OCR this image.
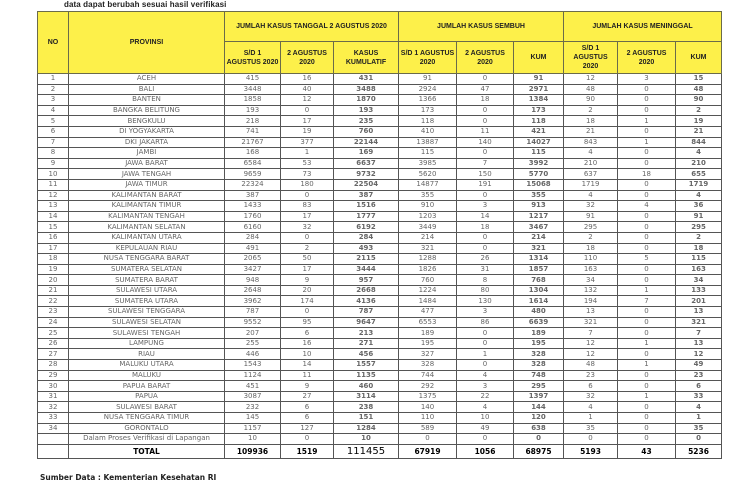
data dapat berubah sesuai hasil verifikasi
NO	PROVINSI	JUMLAH KASUS TANGGAL 2 AGUSTUS 2020			JUMLAH KASUS SEMBUH			JUMLAH KASUS MENINGGAL		
		S/D 1 AGUSTUS 2020	2 AGUSTUS 2020	KASUS KUMULATIF	S/D 1 AGUSTUS 2020	2 AGUSTUS 2020	KUM	S/D 1 AGUSTUS 2020	2 AGUSTUS 2020	KUM
1	ACEH	415	16	431	91	0	91	12	3	15
2	BALI	3448	40	3488	2924	47	2971	48	0	48
3	BANTEN	1858	12	1870	1366	18	1384	90	0	90
4	BANGKA BELITUNG	193	0	193	173	0	173	2	0	2
5	BENGKULU	218	17	235	118	0	118	18	1	19
6	DI YOGYAKARTA	741	19	760	410	11	421	21	0	21
7	DKI JAKARTA	21767	377	22144	13887	140	14027	843	1	844
8	JAMBI	168	1	169	115	0	115	4	0	4
9	JAWA BARAT	6584	53	6637	3985	7	3992	210	0	210
10	JAWA TENGAH	9659	73	9732	5620	150	5770	637	18	655
11	JAWA TIMUR	22324	180	22504	14877	191	15068	1719	0	1719
12	KALIMANTAN BARAT	387	0	387	355	0	355	4	0	4
13	KALIMANTAN TIMUR	1433	83	1516	910	3	913	32	4	36
14	KALIMANTAN TENGAH	1760	17	1777	1203	14	1217	91	0	91
15	KALIMANTAN SELATAN	6160	32	6192	3449	18	3467	295	0	295
16	KALIMANTAN UTARA	284	0	284	214	0	214	2	0	2
17	KEPULAUAN RIAU	491	2	493	321	0	321	18	0	18
18	NUSA TENGGARA BARAT	2065	50	2115	1288	26	1314	110	5	115
19	SUMATERA SELATAN	3427	17	3444	1826	31	1857	163	0	163
20	SUMATERA BARAT	948	9	957	760	8	768	34	0	34
21	SULAWESI UTARA	2648	20	2668	1224	80	1304	132	1	133
22	SUMATERA UTARA	3962	174	4136	1484	130	1614	194	7	201
23	SULAWESI TENGGARA	787	0	787	477	3	480	13	0	13
24	SULAWESI SELATAN	9552	95	9647	6553	86	6639	321	0	321
25	SULAWESI TENGAH	207	6	213	189	0	189	7	0	7
26	LAMPUNG	255	16	271	195	0	195	12	1	13
27	RIAU	446	10	456	327	1	328	12	0	12
28	MALUKU UTARA	1543	14	1557	328	0	328	48	1	49
29	MALUKU	1124	11	1135	744	4	748	23	0	23
30	PAPUA BARAT	451	9	460	292	3	295	6	0	6
31	PAPUA	3087	27	3114	1375	22	1397	32	1	33
32	SULAWESI BARAT	232	6	238	140	4	144	4	0	4
33	NUSA TENGGARA TIMUR	145	6	151	110	10	120	1	0	1
34	GORONTALO	1157	127	1284	589	49	638	35	0	35
	Dalam Proses Verifikasi di Lapangan	10	0	10	0	0	0	0	0	0
	TOTAL	109936	1519	111455	67919	1056	68975	5193	43	5236
Sumber Data : Kementerian Kesehatan RI
